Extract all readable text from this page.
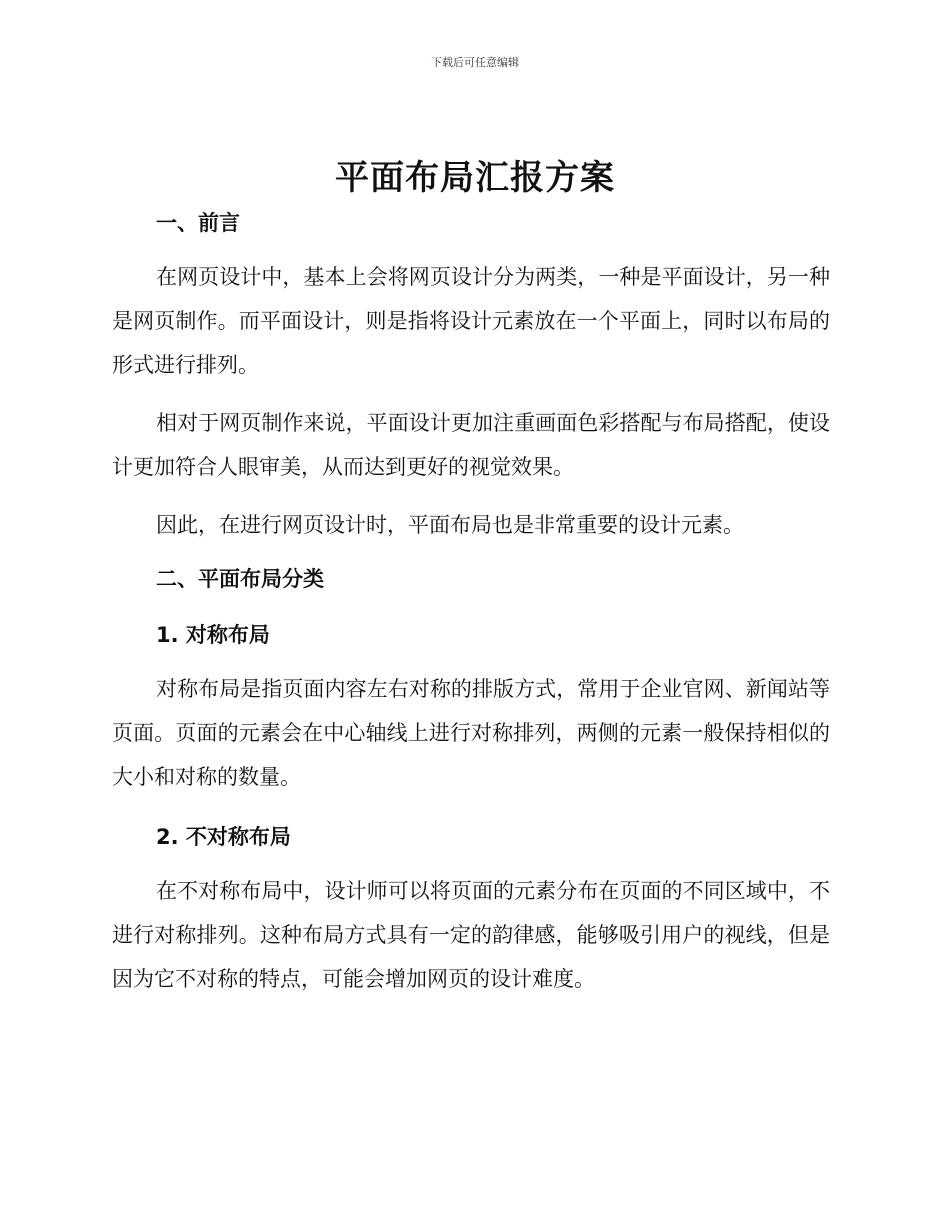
下载后可任意编辑
平面布局汇报方案

一、前言

在网页设计中，基本上会将网页设计分为两类，一种是平面设计，另一种是网页制作。而平面设计，则是指将设计元素放在一个平面上，同时以布局的形式进行排列。

相对于网页制作来说，平面设计更加注重画面色彩搭配与布局搭配，使设计更加符合人眼审美，从而达到更好的视觉效果。

因此，在进行网页设计时，平面布局也是非常重要的设计元素。

二、平面布局分类

1. 对称布局

对称布局是指页面内容左右对称的排版方式，常用于企业官网、新闻站等页面。页面的元素会在中心轴线上进行对称排列，两侧的元素一般保持相似的大小和对称的数量。

2. 不对称布局

在不对称布局中，设计师可以将页面的元素分布在页面的不同区域中，不进行对称排列。这种布局方式具有一定的韵律感，能够吸引用户的视线，但是因为它不对称的特点，可能会增加网页的设计难度。
